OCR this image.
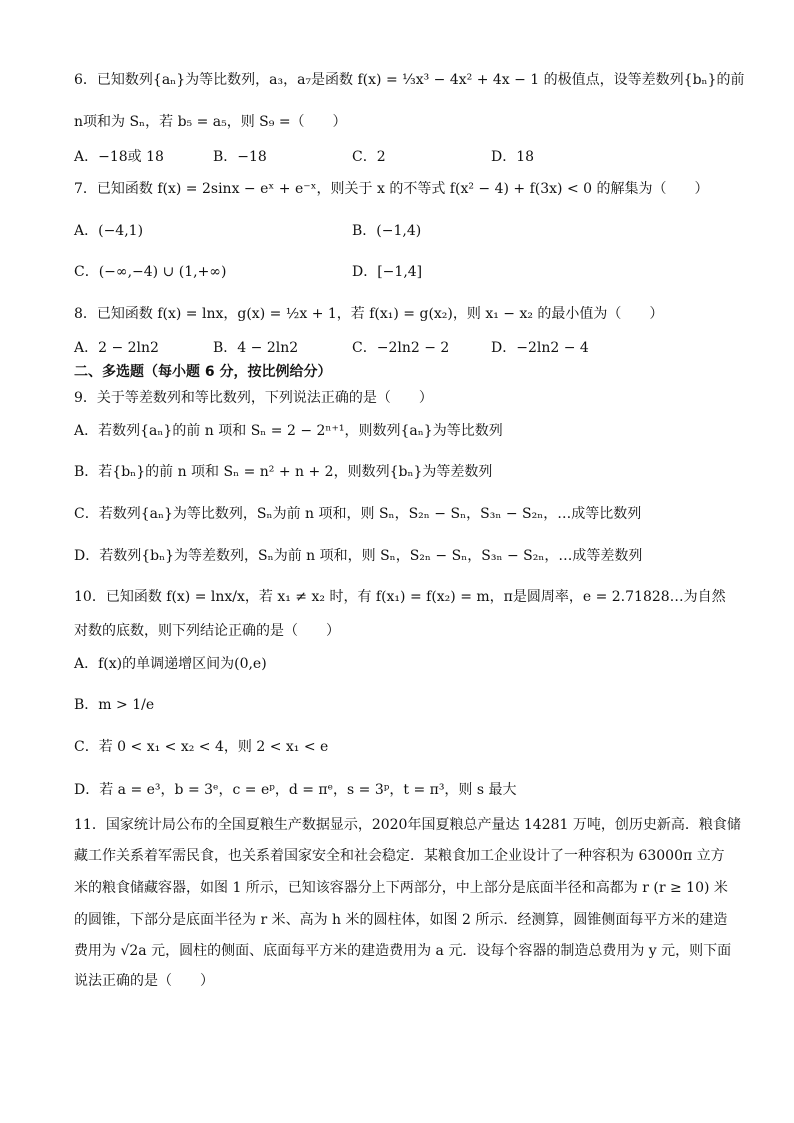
6．已知数列{aₙ}为等比数列，a₃，a₇是函数 f(x) = ⅓x³ − 4x² + 4x − 1 的极值点，设等差数列{bₙ}的前
n项和为 Sₙ，若 b₅ = a₅，则 S₉ =（　　）
A．−18或 18	B．−18	C．2	D．18
7．已知函数 f(x) = 2sinx − eˣ + e⁻ˣ，则关于 x 的不等式 f(x² − 4) + f(3x) < 0 的解集为（　　）
A．(−4,1)	B．(−1,4)
C．(−∞,−4) ∪ (1,+∞)	D．[−1,4]
8．已知函数 f(x) = lnx，g(x) = ½x + 1，若 f(x₁) = g(x₂)，则 x₁ − x₂ 的最小值为（　　）
A．2 − 2ln2	B．4 − 2ln2	C．−2ln2 − 2	D．−2ln2 − 4
二、多选题（每小题 6 分，按比例给分）
9．关于等差数列和等比数列，下列说法正确的是（　　）
A．若数列{aₙ}的前 n 项和 Sₙ = 2 − 2ⁿ⁺¹，则数列{aₙ}为等比数列
B．若{bₙ}的前 n 项和 Sₙ = n² + n + 2，则数列{bₙ}为等差数列
C．若数列{aₙ}为等比数列，Sₙ为前 n 项和，则 Sₙ，S₂ₙ − Sₙ，S₃ₙ − S₂ₙ，…成等比数列
D．若数列{bₙ}为等差数列，Sₙ为前 n 项和，则 Sₙ，S₂ₙ − Sₙ，S₃ₙ − S₂ₙ，…成等差数列
10．已知函数 f(x) = lnx/x，若 x₁ ≠ x₂ 时，有 f(x₁) = f(x₂) = m，π是圆周率，e = 2.71828…为自然
对数的底数，则下列结论正确的是（　　）
A．f(x)的单调递增区间为(0,e)
B．m > 1/e
C．若 0 < x₁ < x₂ < 4，则 2 < x₁ < e
D．若 a = e³，b = 3ᵉ，c = eᵖ，d = πᵉ，s = 3ᵖ，t = π³，则 s 最大
11．国家统计局公布的全国夏粮生产数据显示，2020年国夏粮总产量达 14281 万吨，创历史新高．粮食储
藏工作关系着军需民食，也关系着国家安全和社会稳定．某粮食加工企业设计了一种容积为 63000π 立方
米的粮食储藏容器，如图 1 所示，已知该容器分上下两部分，中上部分是底面半径和高都为 r (r ≥ 10) 米
的圆锥，下部分是底面半径为 r 米、高为 h 米的圆柱体，如图 2 所示．经测算，圆锥侧面每平方米的建造
费用为 √2a 元，圆柱的侧面、底面每平方米的建造费用为 a 元．设每个容器的制造总费用为 y 元，则下面
说法正确的是（　　）
